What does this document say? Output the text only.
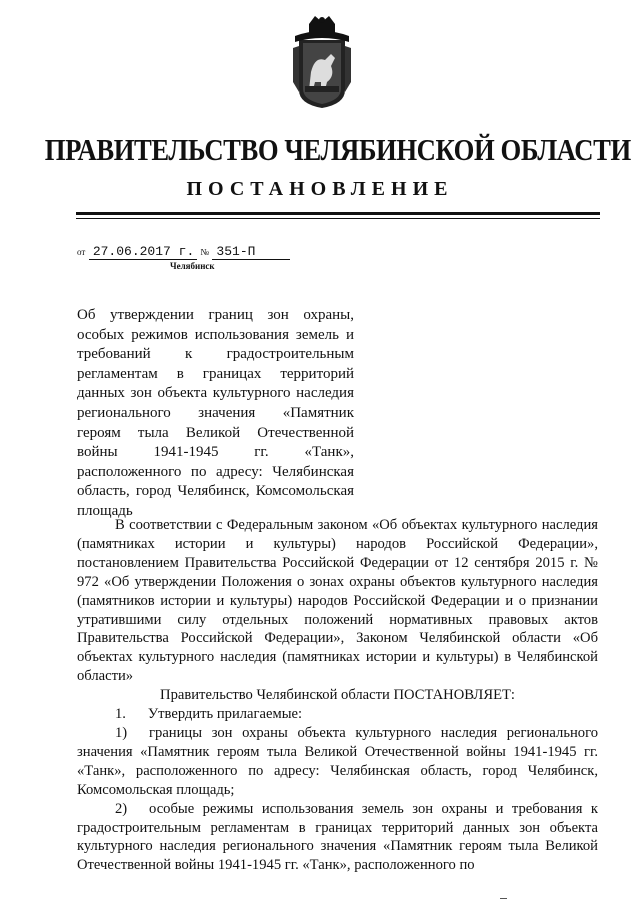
ПРАВИТЕЛЬСТВО ЧЕЛЯБИНСКОЙ ОБЛАСТИ
ПОСТАНОВЛЕНИЕ
от 27.06.2017 г. № 351-П
Челябинск
Об утверждении границ зон охраны,
особых режимов использования земель и
требований к градостроительным
регламентам в границах территорий
данных зон объекта культурного наследия
регионального значения «Памятник
героям тыла Великой Отечественной
войны 1941-1945 гг. «Танк»,
расположенного по адресу: Челябинская
область, город Челябинск, Комсомольская
площадь

В соответствии с Федеральным законом «Об объектах культурного наследия (памятниках истории и культуры) народов Российской Федерации», постановлением Правительства Российской Федерации от 12 сентября 2015 г. № 972 «Об утверждении Положения о зонах охраны объектов культурного наследия (памятников истории и культуры) народов Российской Федерации и о признании утратившими силу отдельных положений нормативных правовых актов Правительства Российской Федерации», Законом Челябинской области «Об объектах культурного наследия (памятниках истории и культуры) в Челябинской области»

Правительство Челябинской области ПОСТАНОВЛЯЕТ:

1.  Утвердить прилагаемые:

1)  границы зон охраны объекта культурного наследия регионального значения «Памятник героям тыла Великой Отечественной войны 1941-1945 гг. «Танк», расположенного по адресу: Челябинская область, город Челябинск, Комсомольская площадь;

2)  особые режимы использования земель зон охраны и требования к градостроительным регламентам в границах территорий данных зон объекта культурного наследия регионального значения «Памятник героям тыла Великой Отечественной войны 1941-1945 гг. «Танк», расположенного по
